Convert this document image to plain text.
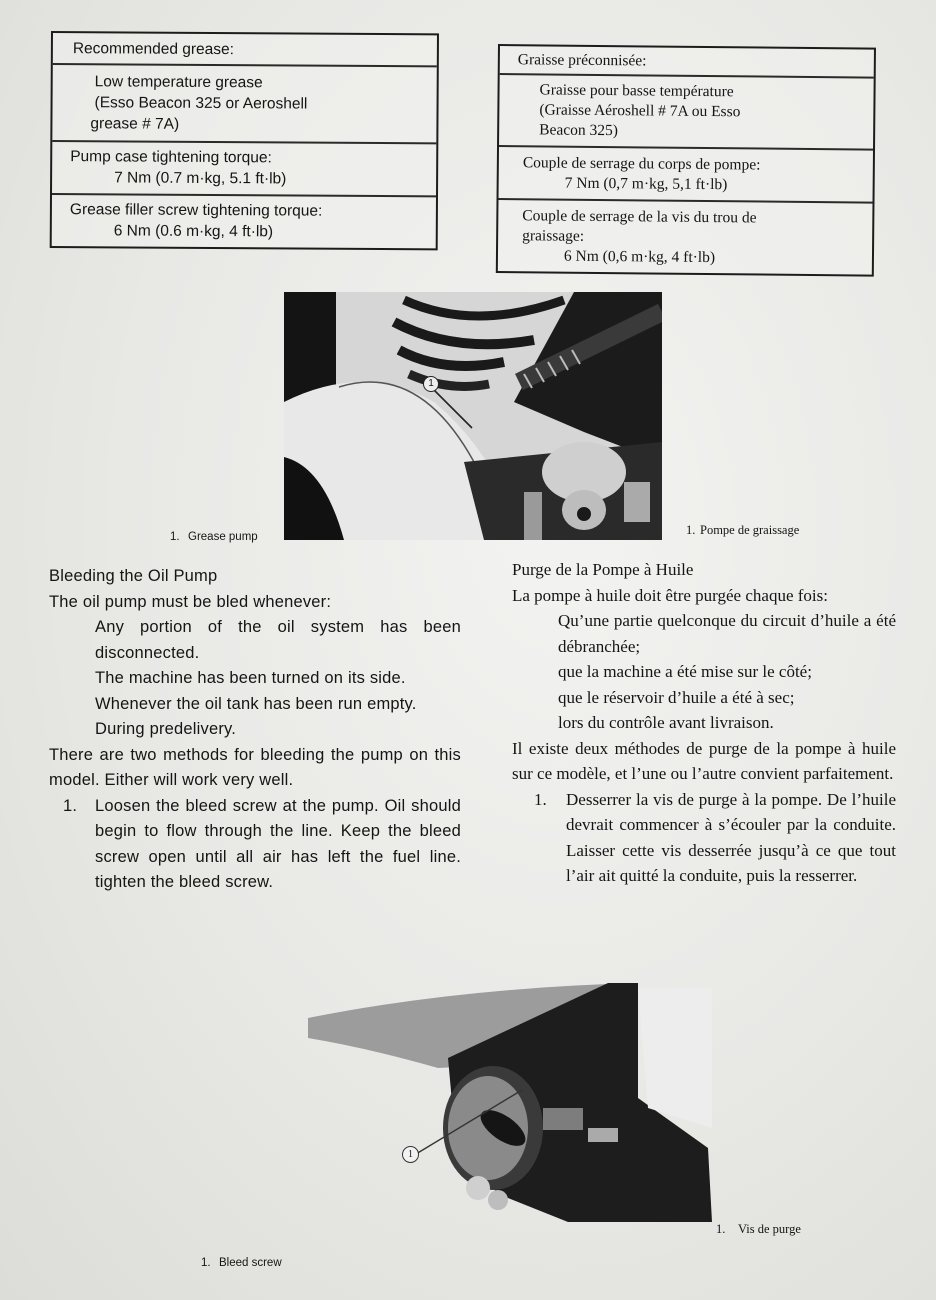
Recommended grease:
Low temperature grease
(Esso Beacon 325 or Aeroshell
grease # 7A)
Pump case tightening torque:
7 Nm (0.7 m·kg, 5.1 ft·lb)
Grease filler screw tightening torque:
6 Nm (0.6 m·kg, 4 ft·lb)
Graisse préconnisée:
Graisse pour basse température
(Graisse Aéroshell # 7A ou Esso
Beacon 325)
Couple de serrage du corps de pompe:
7 Nm (0,7 m·kg, 5,1 ft·lb)
Couple de serrage de la vis du trou de
graissage:
6 Nm (0,6 m·kg, 4 ft·lb)
1
1. Grease pump	1. Pompe de graissage

Bleeding the Oil Pump

The oil pump must be bled whenever:

Any portion of the oil system has been disconnected.

The machine has been turned on its side.

Whenever the oil tank has been run empty.

During predelivery.

There are two methods for bleeding the pump on this model. Either will work very well.

1.	Loosen the bleed screw at the pump. Oil should begin to flow through the line. Keep the bleed screw open until all air has left the fuel line. tighten the bleed screw.

Purge de la Pompe à Huile

La pompe à huile doit être purgée chaque fois:

Qu’une partie quelconque du circuit d’huile a été débranchée;

que la machine a été mise sur le côté;

que le réservoir d’huile a été à sec;

lors du contrôle avant livraison.

Il existe deux méthodes de purge de la pompe à huile sur ce modèle, et l’une ou l’autre convient parfaitement.

1.	Desserrer la vis de purge à la pompe. De l’huile devrait commencer à s’écouler par la conduite. Laisser cette vis desserrée jusqu’à ce que tout l’air ait quitté la conduite, puis la resserrer.
1
1. Bleed screw
1. Vis de purge
